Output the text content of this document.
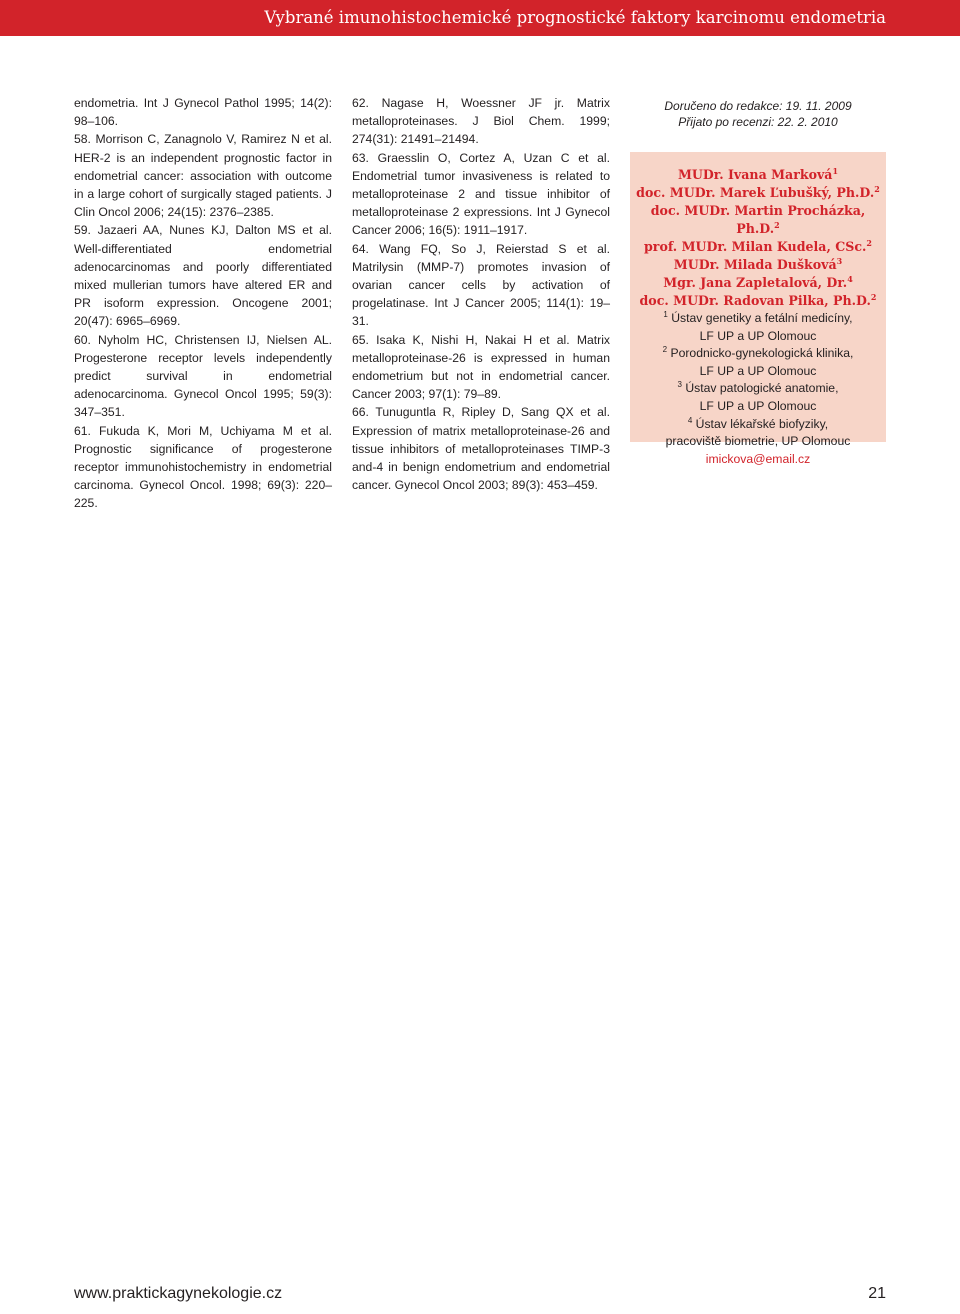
Vybrané imunohistochemické prognostické faktory karcinomu endometria

endometria. Int J Gynecol Pathol 1995; 14(2): 98–106.

58. Morrison C, Zanagnolo V, Ramirez N et al. HER-2 is an independent prognostic factor in endometrial cancer: association with outcome in a large cohort of surgically staged patients. J Clin Oncol 2006; 24(15): 2376–2385.

59. Jazaeri AA, Nunes KJ, Dalton MS et al. Well-differentiated endometrial adenocarcinomas and poorly differentiated mixed mullerian tumors have altered ER and PR isoform expression. Oncogene 2001; 20(47): 6965–6969.

60. Nyholm HC, Christensen IJ, Nielsen AL. Progesterone receptor levels independently predict survival in endometrial adenocarcinoma. Gynecol Oncol 1995; 59(3): 347–351.

61. Fukuda K, Mori M, Uchiyama M et al. Prognostic significance of progesterone receptor immunohistochemistry in endometrial carcinoma. Gynecol Oncol. 1998; 69(3): 220–225.

62. Nagase H, Woessner JF jr. Matrix metalloproteinases. J Biol Chem. 1999; 274(31): 21491–21494.

63. Graesslin O, Cortez A, Uzan C et al. Endometrial tumor invasiveness is related to metalloproteinase 2 and tissue inhibitor of metalloproteinase 2 expressions. Int J Gynecol Cancer 2006; 16(5): 1911–1917.

64. Wang FQ, So J, Reierstad S et al. Matrilysin (MMP-7) promotes invasion of ovarian cancer cells by activation of progelatinase. Int J Cancer 2005; 114(1): 19–31.

65. Isaka K, Nishi H, Nakai H et al. Matrix metalloproteinase-26 is expressed in human endometrium but not in endometrial cancer. Cancer 2003; 97(1): 79–89.

66. Tunuguntla R, Ripley D, Sang QX et al. Expression of matrix metalloproteinase-26 and tissue inhibitors of metalloproteinases TIMP-3 and-4 in benign endometrium and endometrial cancer. Gynecol Oncol 2003; 89(3): 453–459.

Doručeno do redakce: 19. 11. 2009
Přijato po recenzi: 22. 2. 2010
MUDr. Ivana Marková$^1$
doc. MUDr. Marek Ľubušký, Ph.D.$^2$
doc. MUDr. Martin Procházka, Ph.D.$^2$
prof. MUDr. Milan Kudela, CSc.$^2$
MUDr. Milada Dušková$^3$
Mgr. Jana Zapletalová, Dr.$^4$
doc. MUDr. Radovan Pilka, Ph.D.$^2$
$^1$ Ústav genetiky a fetální medicíny,
LF UP a UP Olomouc
$^2$ Porodnicko-gynekologická klinika,
LF UP a UP Olomouc
$^3$ Ústav patologické anatomie,
LF UP a UP Olomouc
$^4$ Ústav lékařské biofyziky,
pracoviště biometrie, UP Olomouc
imickova@email.cz
www.praktickagynekologie.cz	21
